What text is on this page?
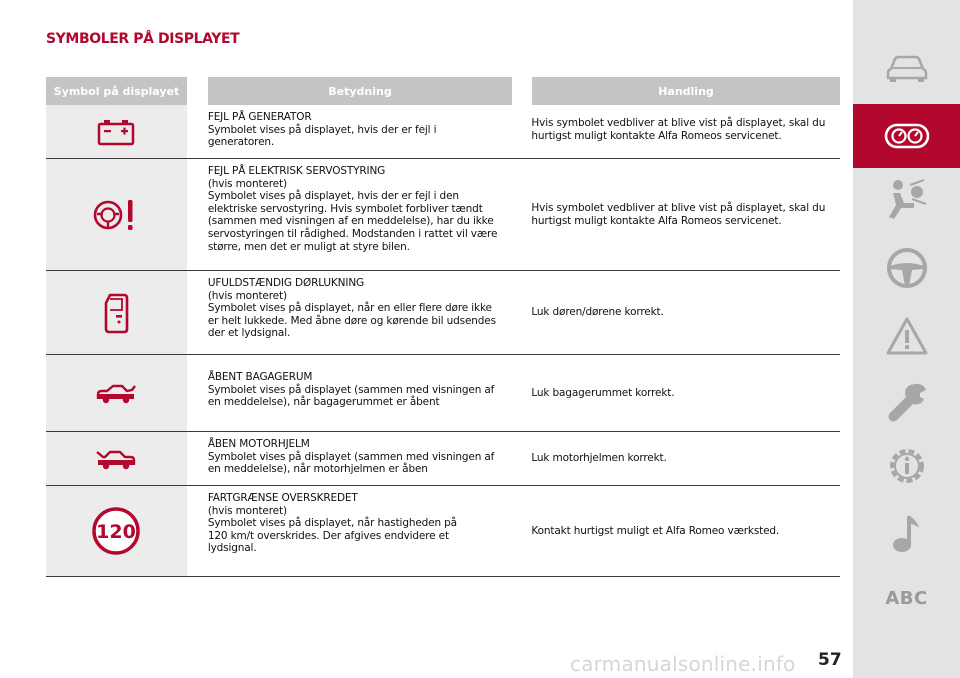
SYMBOLER PÅ DISPLAYET
Symbol på displayet	Betydning	Handling
FEJL PÅ GENERATOR
Symbolet vises på displayet, hvis der er fejl i
generatoren.
Hvis symbolet vedbliver at blive vist på displayet, skal du hurtigst muligt kontakte Alfa Romeos servicenet.
FEJL PÅ ELEKTRISK SERVOSTYRING
(hvis monteret)
Symbolet vises på displayet, hvis der er fejl i den
elektriske servostyring. Hvis symbolet forbliver tændt
(sammen med visningen af en meddelelse), har du ikke
servostyringen til rådighed. Modstanden i rattet vil være
større, men det er muligt at styre bilen.
Hvis symbolet vedbliver at blive vist på displayet, skal du hurtigst muligt kontakte Alfa Romeos servicenet.
UFULDSTÆNDIG DØRLUKNING
(hvis monteret)
Symbolet vises på displayet, når en eller flere døre ikke
er helt lukkede. Med åbne døre og kørende bil udsendes
der et lydsignal.
Luk døren/dørene korrekt.
ÅBENT BAGAGERUM
Symbolet vises på displayet (sammen med visningen af
en meddelelse), når bagagerummet er åbent
Luk bagagerummet korrekt.
ÅBEN MOTORHJELM
Symbolet vises på displayet (sammen med visningen af
en meddelelse), når motorhjelmen er åben
Luk motorhjelmen korrekt.
120
FARTGRÆNSE OVERSKREDET
(hvis monteret)
Symbolet vises på displayet, når hastigheden på
120 km/t overskrides. Der afgives endvidere et
lydsignal.
Kontakt hurtigst muligt et Alfa Romeo værksted.
ABC
carmanualsonline.info 57
